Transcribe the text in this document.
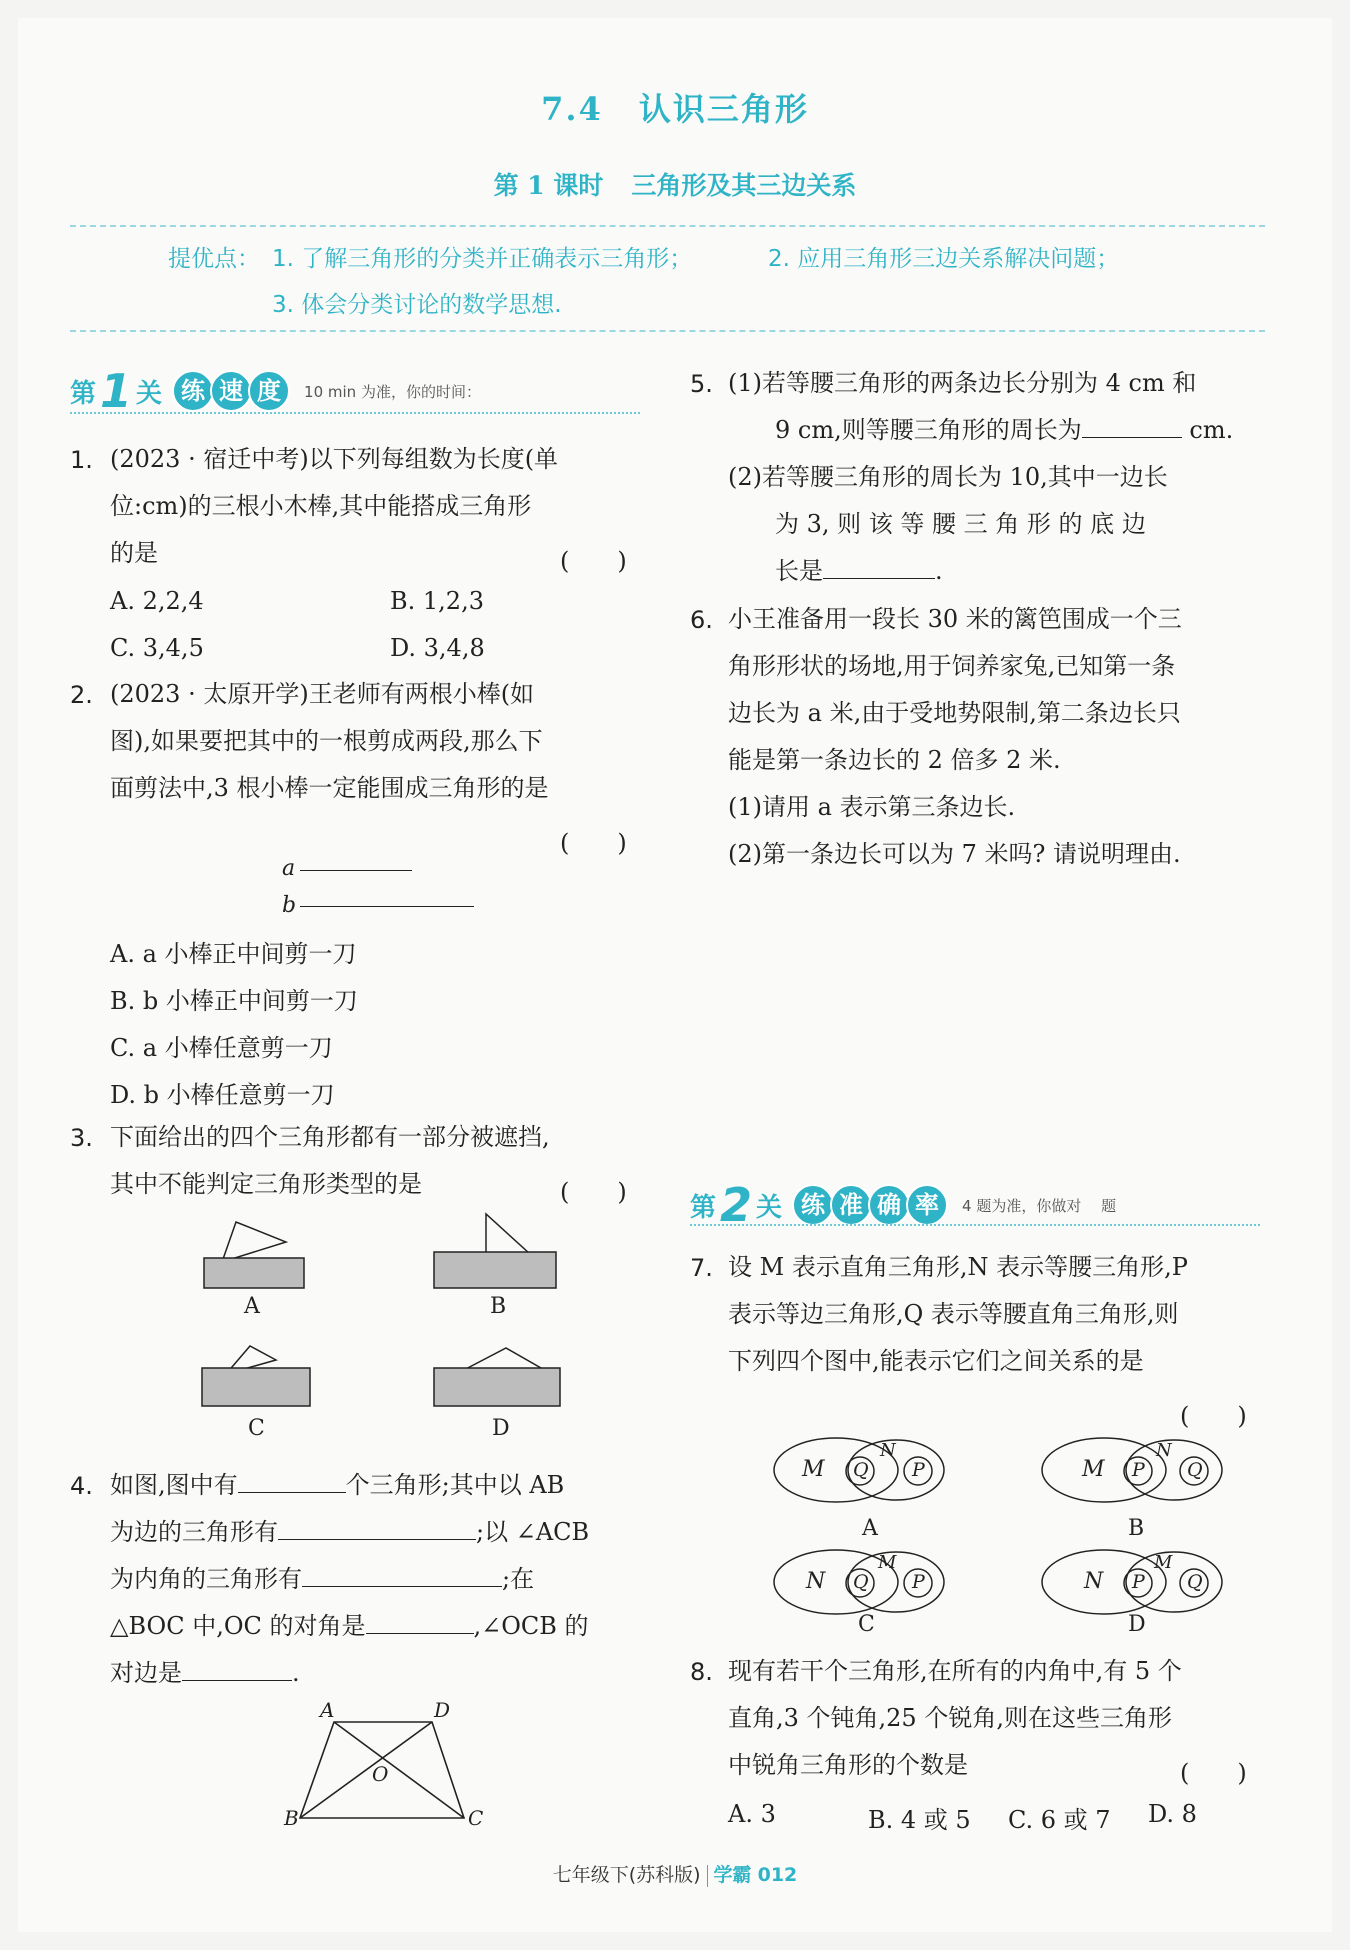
7.4 认识三角形
第 1 课时 三角形及其三边关系
提优点： 1. 了解三角形的分类并正确表示三角形；	2. 应用三角形三边关系解决问题；
3. 体会分类讨论的数学思想.
第 1 关 练 速 度	10 min 为准，你的时间：
1. (2023 · 宿迁中考)以下列每组数为长度(单
位:cm)的三根小木棒,其中能搭成三角形
的是	(　　)
A. 2,2,4	B. 1,2,3
C. 3,4,5	D. 3,4,8
2. (2023 · 太原开学)王老师有两根小棒(如
图),如果要把其中的一根剪成两段,那么下
面剪法中,3 根小棒一定能围成三角形的是
(　　)
a
b
A. a 小棒正中间剪一刀
B. b 小棒正中间剪一刀
C. a 小棒任意剪一刀
D. b 小棒任意剪一刀
3. 下面给出的四个三角形都有一部分被遮挡,
其中不能判定三角形类型的是	(　　)
A	B
C	D
4. 如图,图中有	个三角形;其中以 AB
为边的三角形有	;以 ∠ACB
为内角的三角形有	;在
△BOC 中,OC 的对角是	,∠OCB 的
对边是	.
A	D
O
B	C
5. (1)若等腰三角形的两条边长分别为 4 cm 和
9 cm,则等腰三角形的周长为	cm.
(2)若等腰三角形的周长为 10,其中一边长
为 3, 则 该 等 腰 三 角 形 的 底 边
长是	.
6. 小王准备用一段长 30 米的篱笆围成一个三
角形形状的场地,用于饲养家兔,已知第一条
边长为 a 米,由于受地势限制,第二条边长只
能是第一条边长的 2 倍多 2 米.
(1)请用 a 表示第三条边长.
(2)第一条边长可以为 7 米吗? 请说明理由.
第 2 关 练 准 确 率	4 题为准，你做对　 题
7. 设 M 表示直角三角形,N 表示等腰三角形,P
表示等边三角形,Q 表示等腰直角三角形,则
下列四个图中,能表示它们之间关系的是
(　　)
M
N
Q P
A
M
N
P Q
B
N
M
Q P
C
N
M
P Q
D
8. 现有若干个三角形,在所有的内角中,有 5 个
直角,3 个钝角,25 个锐角,则在这些三角形
中锐角三角形的个数是	(　　)
A. 3	B. 4 或 5 C. 6 或 7 D. 8
七年级下(苏科版) 学霸 012
